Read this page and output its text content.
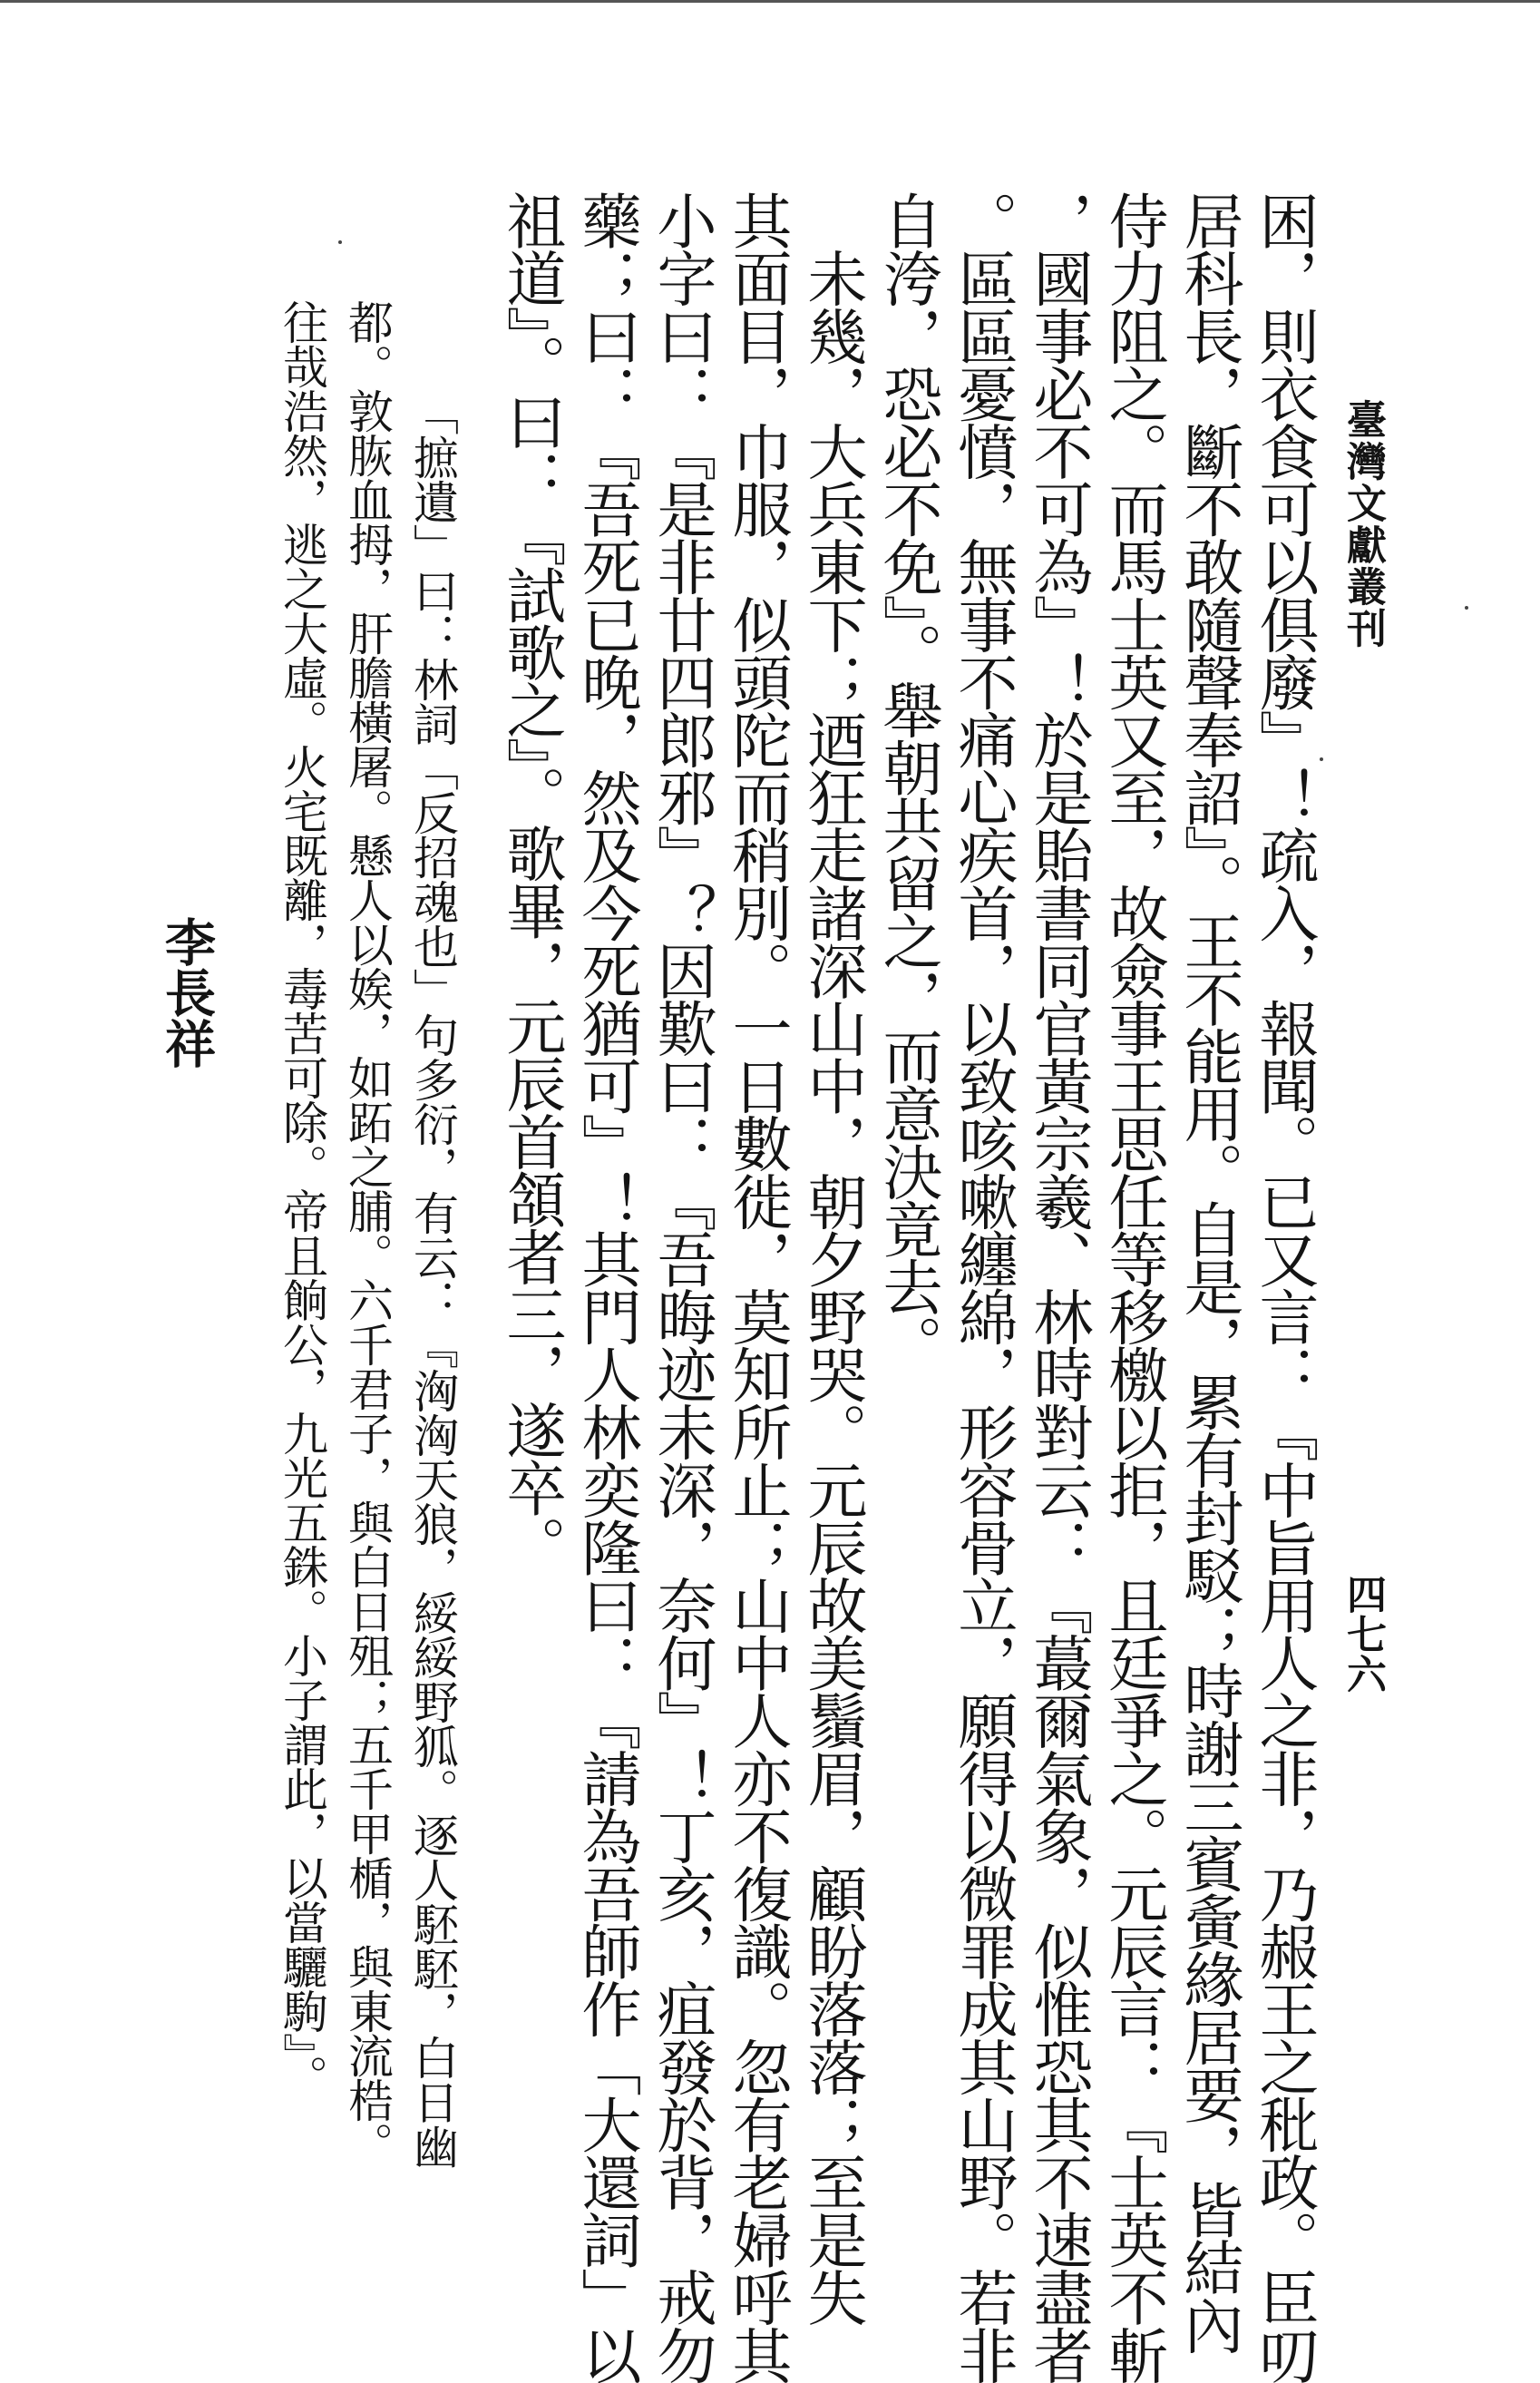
臺灣文獻叢刊
四七六
困，則衣食可以俱廢』！疏入，報聞。已又言：『中旨用人之非，乃赧王之秕政。臣叨
居科長，斷不敢隨聲奉詔』。王不能用。自是，累有封駁；時謝三賓夤緣居要，皆結內
侍力阻之。而馬士英又至，故僉事王思任等移檄以拒，且廷爭之。元辰言：『士英不斬
，國事必不可為』！於是貽書同官黃宗羲、林時對云：『蕞爾氣象，似惟恐其不速盡者
。區區憂憤，無事不痛心疾首，以致咳嗽纏綿，形容骨立，願得以微罪成其山野。若非
自洿，恐必不免』。舉朝共留之，而意決竟去。
　未幾，大兵東下；迺狂走諸深山中，朝夕野哭。元辰故美鬚眉，顧盼落落；至是失
其面目，巾服，似頭陀而稍別。一日數徙，莫知所止；山中人亦不復識。忽有老婦呼其
小字曰：『是非廿四郎邪』？因歎曰：『吾晦迹未深，奈何』！丁亥，疽發於背，戒勿
藥；曰：『吾死已晚，然及今死猶可』！其門人林奕隆曰：『請為吾師作「大還詞」以
祖道』。曰：『試歌之』。歌畢，元辰首頷者三，遂卒。
「摭遺」曰：林詞「反招魂也」句多衍，有云：『洶洶天狼，綏綏野狐。逐人駓駓，白日幽
都。敦脄血拇，肝膽橫屠。懸人以娭，如跖之脯。六千君子，與白日殂；五千甲楯，與東流梏。
往哉浩然，逃之大虛。火宅既離，毒苦可除。帝且餉公，九光五銖。小子謂此，以當驪駒』。
李長祥
